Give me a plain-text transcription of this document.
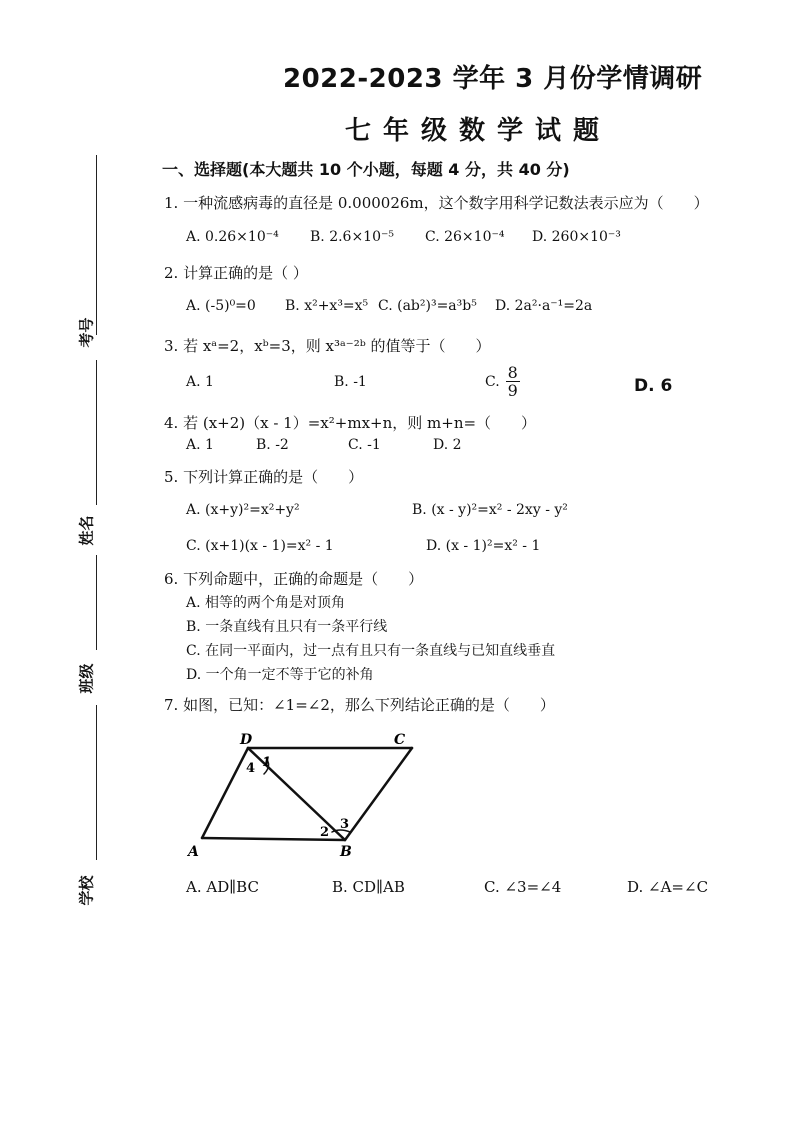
考号
姓名
班级
学校
2022-2023 学年 3 月份学情调研
七年级数学试题
一、选择题(本大题共 10 个小题，每题 4 分，共 40 分)
1. 一种流感病毒的直径是 0.000026m，这个数字用科学记数法表示应为（　　）
A. 0.26×10⁻⁴ B. 2.6×10⁻⁵ C. 26×10⁻⁴ D. 260×10⁻³
2. 计算正确的是（ ）
A. (-5)⁰=0 B. x²+x³=x⁵ C. (ab²)³=a³b⁵ D. 2a²·a⁻¹=2a
3. 若 xᵃ=2，xᵇ=3，则 x³ᵃ⁻²ᵇ 的值等于（　　）
A. 1	B. -1	C. $\frac{8}{9}$	D. 6
4. 若 (x+2)（x - 1）=x²+mx+n，则 m+n=（　　）
A. 1	B. -2	C. -1	D. 2
5. 下列计算正确的是（　　）
A. (x+y)²=x²+y²	B. (x - y)²=x² - 2xy - y²
C. (x+1)(x - 1)=x² - 1	D. (x - 1)²=x² - 1
6. 下列命题中，正确的命题是（　　）
A. 相等的两个角是对顶角
B. 一条直线有且只有一条平行线
C. 在同一平面内，过一点有且只有一条直线与已知直线垂直
D. 一个角一定不等于它的补角
7. 如图，已知：∠1=∠2，那么下列结论正确的是（　　）
D	C
A	B
1
4
2
3
A. AD∥BC	B. CD∥AB	C. ∠3=∠4	D. ∠A=∠C
